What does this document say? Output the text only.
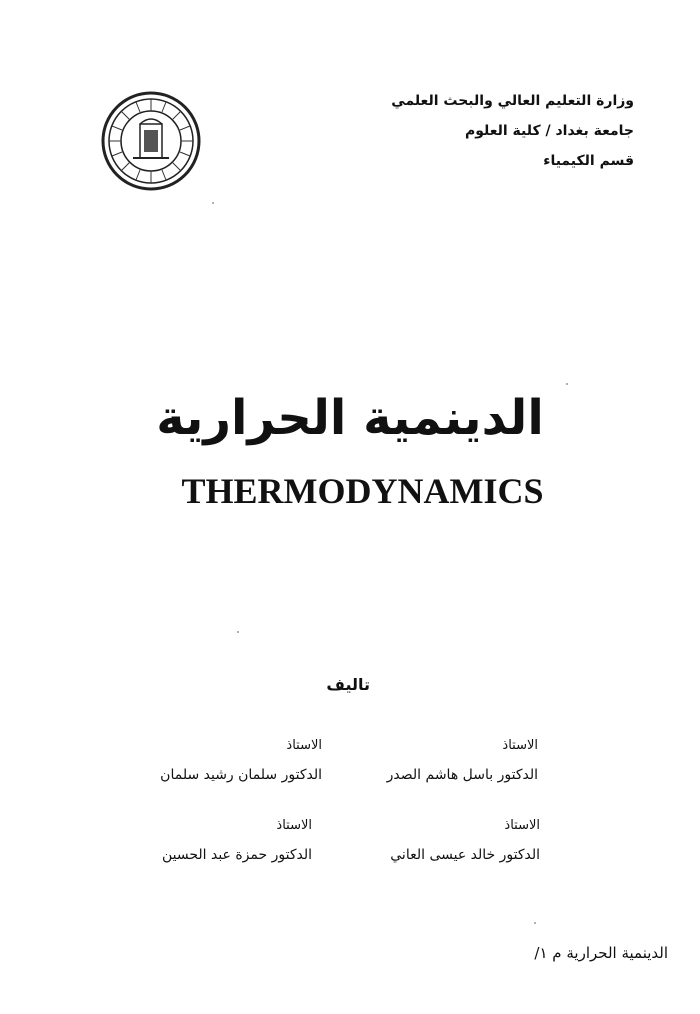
وزارة التعليم العالي والبحث العلمي
جامعة بغداد / كلية العلوم
قسم الكيمياء
الدينمية الحرارية
THERMODYNAMICS
تاليف
الاستاذ
الدكتور باسل هاشم الصدر
الاستاذ
الدكتور سلمان رشيد سلمان
الاستاذ
الدكتور خالد عيسى العاني
الاستاذ
الدكتور حمزة عبد الحسين
الدينمية الحرارية م ١/
